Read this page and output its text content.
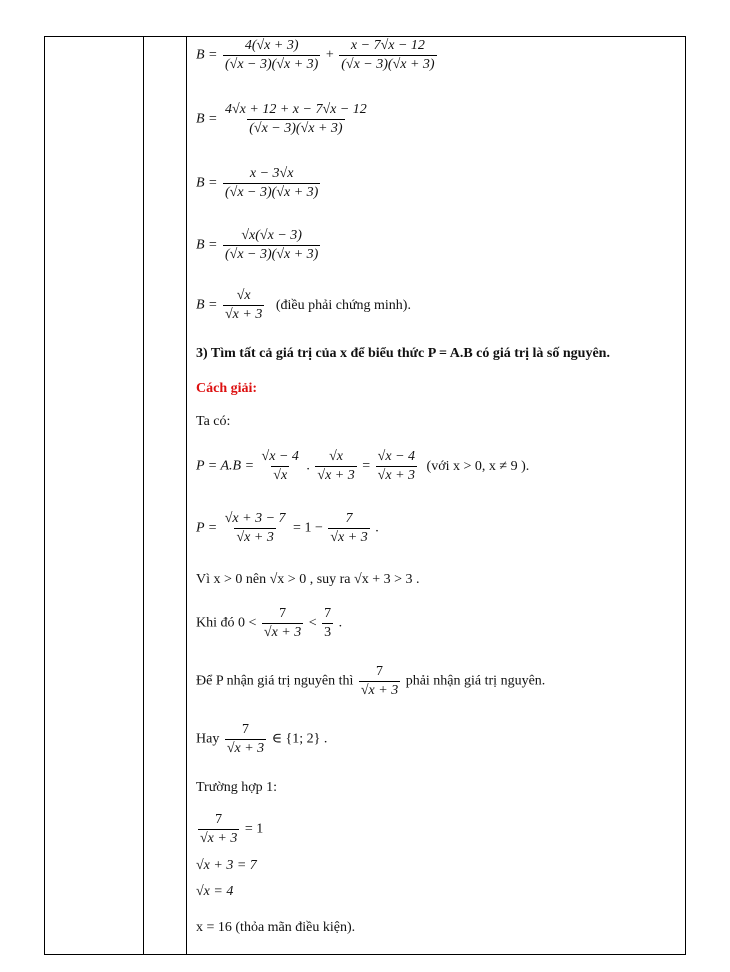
$B = \frac{4(√x + 3)}{(√x - 3)(√x + 3)} + \frac{x - 7√x - 12}{(√x - 3)(√x + 3)}$
$B = \frac{4√x + 12 + x - 7√x - 12}{(√x - 3)(√x + 3)}$
$B = \frac{x - 3√x}{(√x - 3)(√x + 3)}$
$B = \frac{√x(√x - 3)}{(√x - 3)(√x + 3)}$
$B = \frac{√x}{√x + 3}$ (điều phải chứng minh).
3) Tìm tất cả giá trị của x để biểu thức P = A.B có giá trị là số nguyên.
Cách giải:
Ta có:
$P = A.B = \frac{√x - 4}{√x}$ . $\frac{√x}{√x + 3} = \frac{√x - 4}{√x + 3}$ (với x > 0, x ≠ 9 ).
$P = \frac{√x + 3 - 7}{√x + 3} = 1 - \frac{7}{√x + 3}$ .
Vì x > 0 nên √x > 0 , suy ra √x + 3 > 3 .
Khi đó $0 < \frac{7}{√x + 3} < \frac{7}{3}$ .
Để P nhận giá trị nguyên thì $\frac{7}{√x + 3}$ phải nhận giá trị nguyên.
Hay $\frac{7}{√x + 3}$ ∈ {1; 2} .
Trường hợp 1:
$\frac{7}{√x + 3} = 1$
√x + 3 = 7
√x = 4
x = 16 (thỏa mãn điều kiện).
